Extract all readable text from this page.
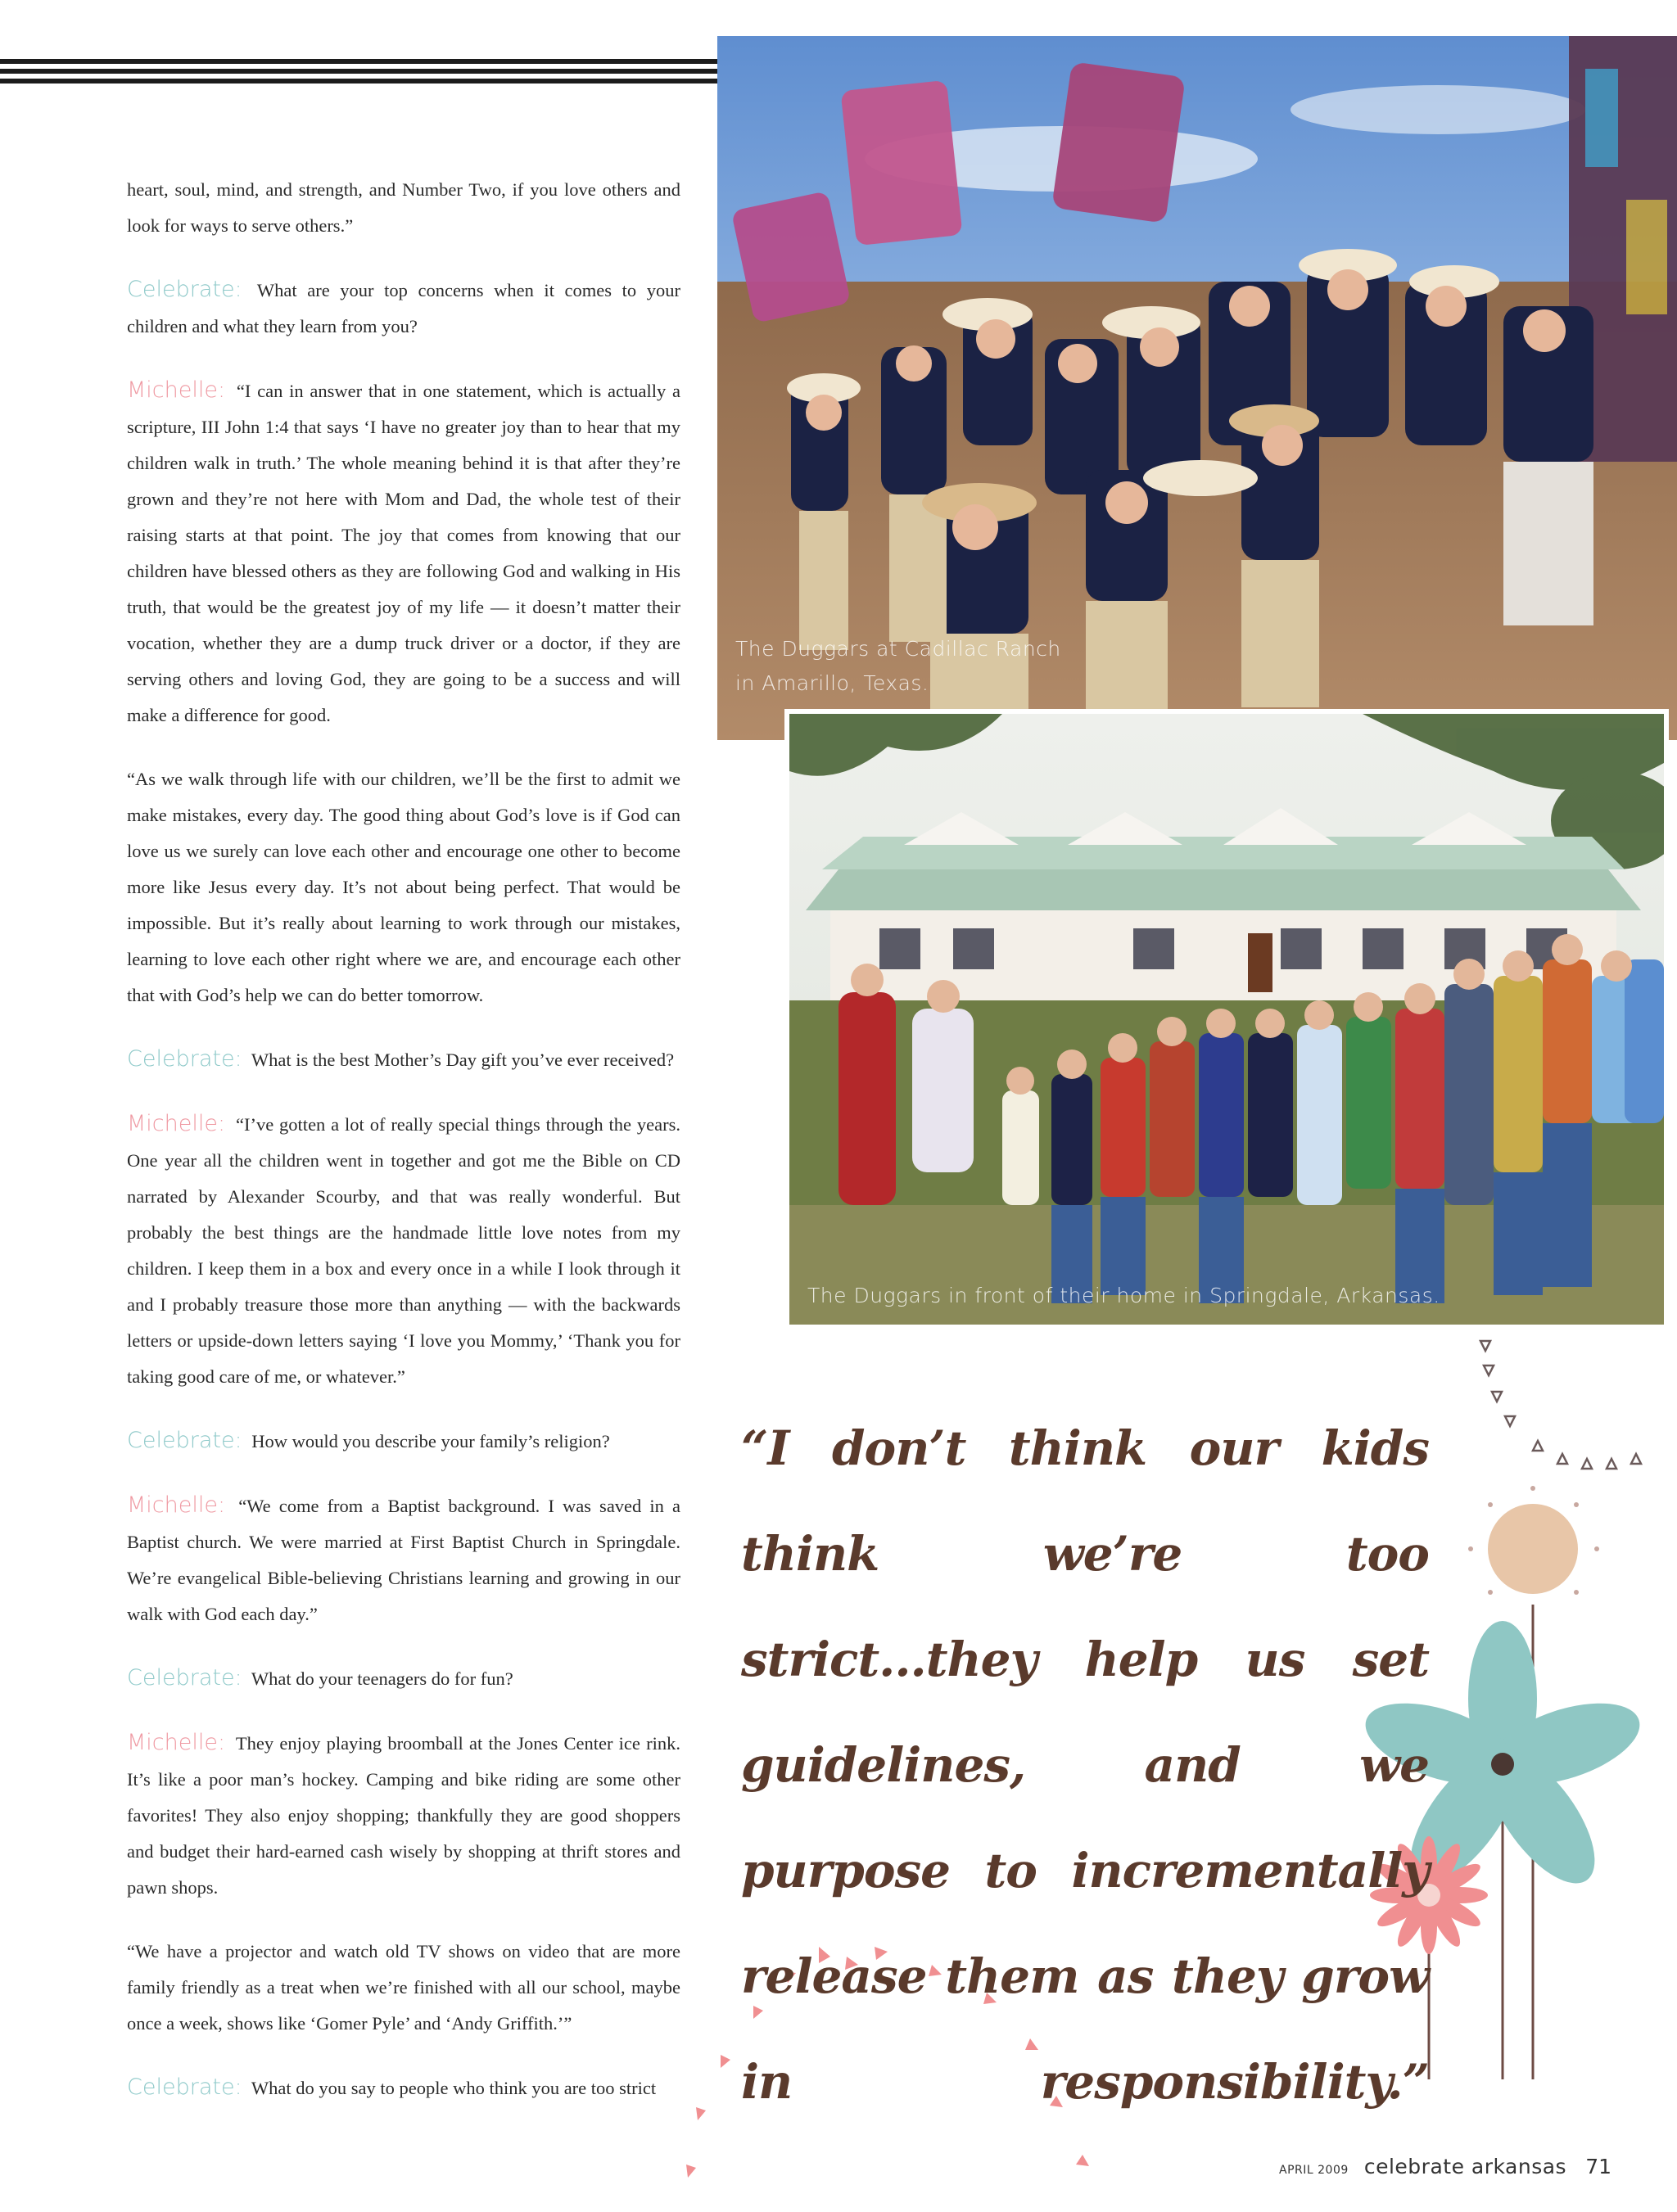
heart, soul, mind, and strength, and Number Two, if you love others and look for ways to serve others.”

Celebrate: What are your top concerns when it comes to your children and what they learn from you?

Michelle: “I can in answer that in one statement, which is actually a scripture, III John 1:4 that says ‘I have no greater joy than to hear that my children walk in truth.’ The whole meaning behind it is that after they’re grown and they’re not here with Mom and Dad, the whole test of their raising starts at that point. The joy that comes from knowing that our children have blessed others as they are following God and walking in His truth, that would be the greatest joy of my life — it doesn’t matter their vocation, whether they are a dump truck driver or a doctor, if they are serving others and loving God, they are going to be a success and will make a difference for good.

“As we walk through life with our children, we’ll be the first to admit we make mistakes, every day. The good thing about God’s love is if God can love us we surely can love each other and encourage one other to become more like Jesus every day. It’s not about being perfect. That would be impossible. But it’s really about learning to work through our mistakes, learning to love each other right where we are, and encourage each other that with God’s help we can do better tomorrow.

Celebrate: What is the best Mother’s Day gift you’ve ever received?

Michelle: “I’ve gotten a lot of really special things through the years. One year all the children went in together and got me the Bible on CD narrated by Alexander Scourby, and that was really wonderful. But probably the best things are the handmade little love notes from my children. I keep them in a box and every once in a while I look through it and I probably treasure those more than anything — with the backwards letters or upside-down letters saying ‘I love you Mommy,’ ‘Thank you for taking good care of me, or whatever.”

Celebrate: How would you describe your family’s religion?

Michelle: “We come from a Baptist background. I was saved in a Baptist church. We were married at First Baptist Church in Springdale. We’re evangelical Bible-believing Christians learning and growing in our walk with God each day.”

Celebrate: What do your teenagers do for fun?

Michelle: They enjoy playing broomball at the Jones Center ice rink. It’s like a poor man’s hockey. Camping and bike riding are some other favorites! They also enjoy shopping; thankfully they are good shoppers and budget their hard-earned cash wisely by shopping at thrift stores and pawn shops.

“We have a projector and watch old TV shows on video that are more family friendly as a treat when we’re finished with all our school, maybe once a week, shows like ‘Gomer Pyle’ and ‘Andy Griffith.’”

Celebrate: What do you say to people who think you are too strict

The Duggars at Cadillac Ranch
in Amarillo, Texas.
The Duggars in front of their home in Springdale, Arkansas.
“I don’t think our kids think we’re too strict...they help us set guidelines, and we purpose to incrementally release them as they grow in responsibility.”
APRIL 2009 celebrate arkansas 71
